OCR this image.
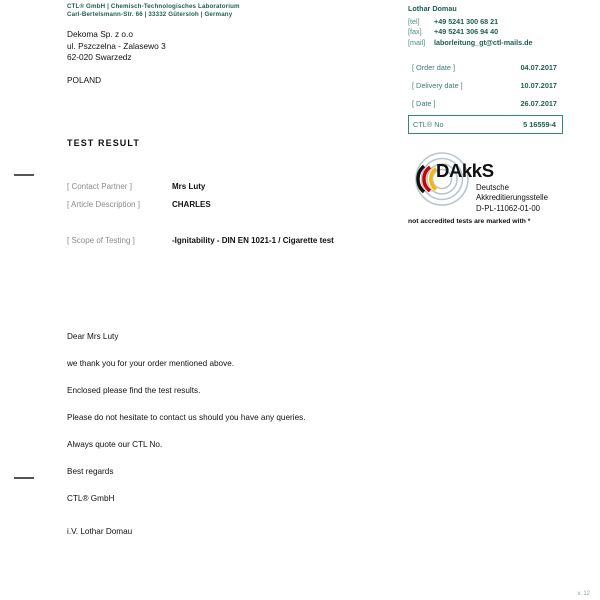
CTL® GmbH | Chemisch-Technologisches Laboratorium
Carl-Bertelsmann-Str. 66 | 33332 Gütersloh | Germany
Dekoma Sp. z o.o
ul. Pszczelna - Zalasewo 3
62-020 Swarzedz
POLAND
Lothar Domau
[tel]	+49 5241 300 68 21
[fax]	+49 5241 306 94 40
[mail]	laborleitung_gt@ctl-mails.de
[ Order date ]	04.07.2017
[ Delivery date ]	10.07.2017
[ Date ]	26.07.2017
CTL® No	5 16559-4
TEST RESULT
[ Contact Partner ]	Mrs Luty
[ Article Description ]	CHARLES
[ Scope of Testing ]	-Ignitability - DIN EN 1021-1 / Cigarette test
DAkkS
Deutsche
Akkreditierungsstelle
D-PL-11062-01-00
not accredited tests are marked with *

Dear Mrs Luty

we thank you for your order mentioned above.

Enclosed please find the test results.

Please do not hesitate to contact us should you have any queries.

Always quote our CTL No.

Best regards

CTL® GmbH

i.V. Lothar Domau
v. 12
